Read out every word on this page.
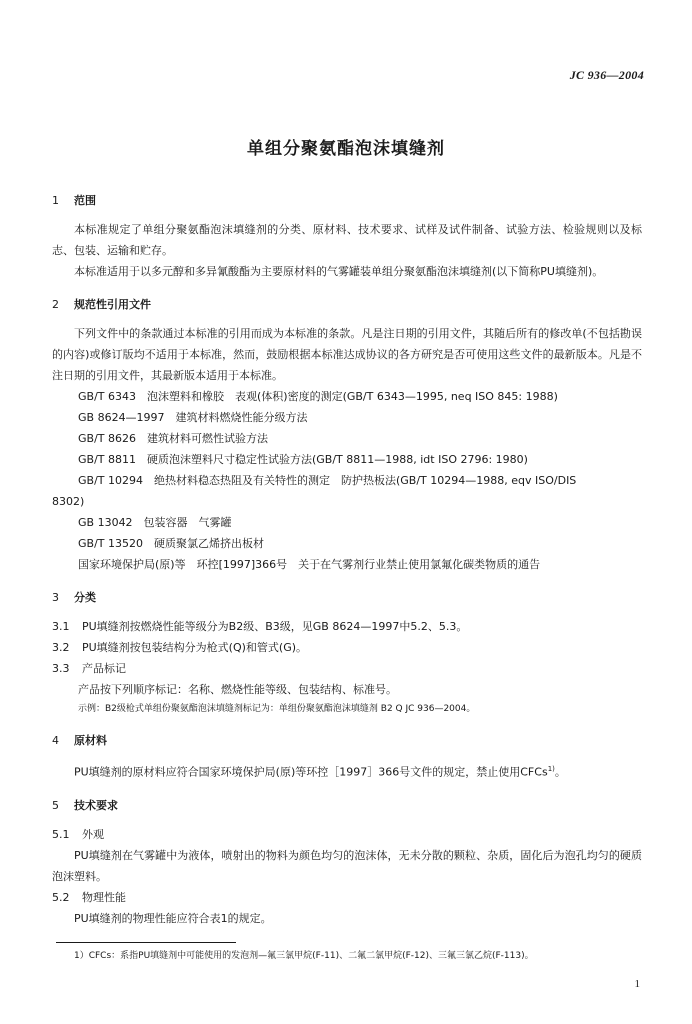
JC 936—2004
单组分聚氨酯泡沫填缝剂
1 范围

本标准规定了单组分聚氨酯泡沫填缝剂的分类、原材料、技术要求、试样及试件制备、试验方法、检验规则以及标志、包装、运输和贮存。

本标准适用于以多元醇和多异氰酸酯为主要原材料的气雾罐装单组分聚氨酯泡沫填缝剂(以下简称PU填缝剂)。

2 规范性引用文件

下列文件中的条款通过本标准的引用而成为本标准的条款。凡是注日期的引用文件，其随后所有的修改单(不包括勘误的内容)或修订版均不适用于本标准，然而，鼓励根据本标准达成协议的各方研究是否可使用这些文件的最新版本。凡是不注日期的引用文件，其最新版本适用于本标准。

GB/T 6343　泡沫塑料和橡胶　表观(体积)密度的测定(GB/T 6343—1995, neq ISO 845: 1988)

GB 8624—1997　建筑材料燃烧性能分级方法

GB/T 8626　建筑材料可燃性试验方法

GB/T 8811　硬质泡沫塑料尺寸稳定性试验方法(GB/T 8811—1988, idt ISO 2796: 1980)

GB/T 10294　绝热材料稳态热阻及有关特性的测定　防护热板法(GB/T 10294—1988, eqv ISO/DIS

8302)

GB 13042　包装容器　气雾罐

GB/T 13520　硬质聚氯乙烯挤出板材

国家环境保护局(原)等　环控[1997]366号　关于在气雾剂行业禁止使用氯氟化碳类物质的通告

3 分类

3.1 PU填缝剂按燃烧性能等级分为B2级、B3级，见GB 8624—1997中5.2、5.3。

3.2 PU填缝剂按包装结构分为枪式(Q)和管式(G)。

3.3 产品标记

产品按下列顺序标记：名称、燃烧性能等级、包装结构、标准号。

示例：B2级枪式单组份聚氨酯泡沫填缝剂标记为：单组份聚氨酯泡沫填缝剂 B2 Q JC 936—2004。

4 原材料

PU填缝剂的原材料应符合国家环境保护局(原)等环控［1997］366号文件的规定，禁止使用CFCs$^{1)}$。

5 技术要求

5.1 外观

PU填缝剂在气雾罐中为液体，喷射出的物料为颜色均匀的泡沫体，无未分散的颗粒、杂质，固化后为泡孔均匀的硬质泡沫塑料。

5.2 物理性能

PU填缝剂的物理性能应符合表1的规定。

1）CFCs：系指PU填缝剂中可能使用的发泡剂—氟三氯甲烷(F-11)、二氟二氯甲烷(F-12)、三氟三氯乙烷(F-113)。
1
